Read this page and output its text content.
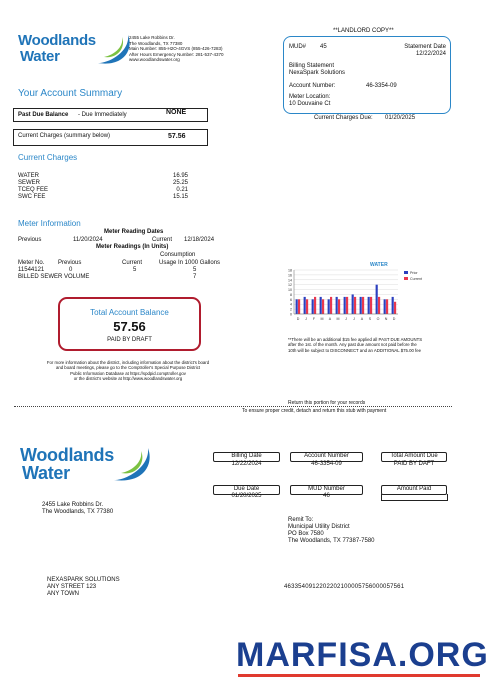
Woodlands
Water
2455 Lake Robbins Dr.
The Woodlands, TX 77380
Main Number: 855-H2O-4GVS (855-426-7283)
After Hours Emergency Number: 281-537-4370
www.woodlandswater.org
**LANDLORD COPY**
MUD# 45	Statement Date
12/22/2024
Billing Statement
NexaSpark Solutions
Account Number:	46-3354-09
Meter Location:
10 Douvaine Ct
Current Charges Due: 01/20/2025
Your Account Summary
Past Due Balance - Due Immediately	NONE
Current Charges (summary below)	57.56
Current Charges
WATER	16.95
SEWER	25.25
TCEQ FEE	0.21
SWC FEE	15.15
Meter Information
Meter Reading Dates
Previous	11/20/2024	Current 12/18/2024
Meter Readings (In Units)
Consumption
Meter No. Previous	Current	Usage In 1000 Gallons
11544121	0	5	5
BILLED SEWER VOLUME	7
Total Account Balance
57.56
PAID BY DRAFT
For more information about the district, including information about the district's board
and board meetings, please go to the Comptroller's Special Purpose District
Public Information Database at https://spdpid.comptroller.gov
or the district's website at http://www.woodlandswater.org
WATER
0
2
4
6
8
10
12
14
16
18
D J F M A M J J A S O N D
Prior
Current
**There will be an additional $15 fee applied all PAST DUE AMOUNTS
after the 1st. of the month. Any past due amount not paid before the
10th will be subject to DISCONNECT and an ADDITIONAL $75.00 fee
Return this portion for your records
To ensure proper credit, detach and return this stub with payment
Woodlands
Water
2455 Lake Robbins Dr.
The Woodlands, TX 77380
Billing Date
12/22/2024
Account Number
46-3354-09
Total Amount Due
PAID BY DAFT
Due Date
01/20/2025
MUD Number
46
Amount Paid
Remit To:
Municipal Utility District
PO Box 7580
The Woodlands, TX 77387-7580
NEXASPARK SOLUTIONS
ANY STREET 123
ANY TOWN
4633540912202202100005756000057561
MARFISA.ORG
